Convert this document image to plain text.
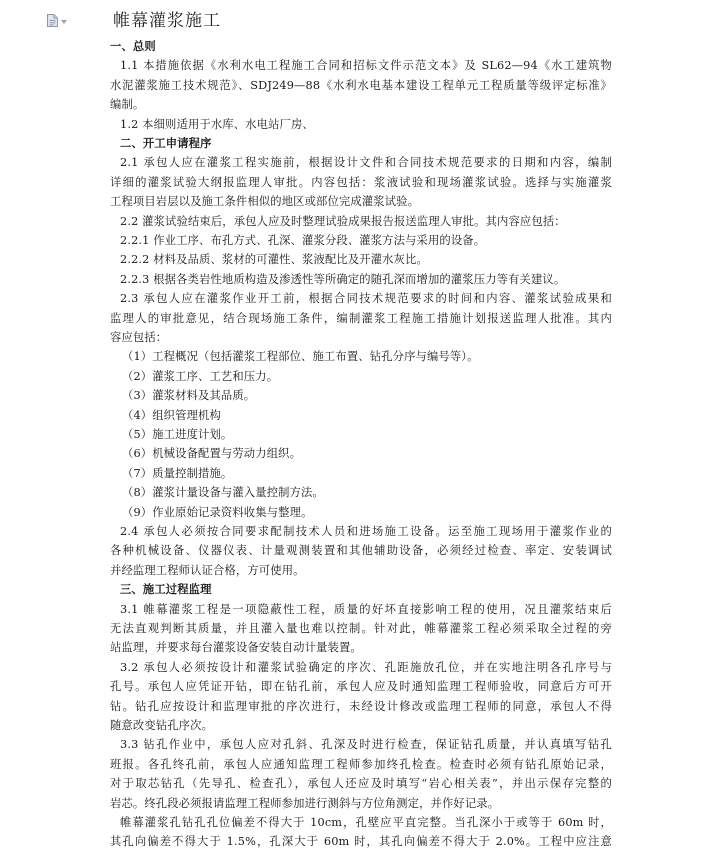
帷幕灌浆施工
一、总则
1.1 本措施依据《水利水电工程施工合同和招标文件示范文本》及 SL62—94《水工建筑物
水泥灌浆施工技术规范》、SDJ249—88《水利水电基本建设工程单元工程质量等级评定标准》
编制。
1.2 本细则适用于水库、水电站厂房、
二、开工申请程序
2.1 承包人应在灌浆工程实施前，根据设计文件和合同技术规范要求的日期和内容，编制
详细的灌浆试验大纲报监理人审批。内容包括：浆液试验和现场灌浆试验。选择与实施灌浆
工程项目岩层以及施工条件相似的地区或部位完成灌浆试验。
2.2 灌浆试验结束后，承包人应及时整理试验成果报告报送监理人审批。其内容应包括：
2.2.1 作业工序、布孔方式、孔深、灌浆分段、灌浆方法与采用的设备。
2.2.2 材料及品质、浆材的可灌性、浆液配比及开灌水灰比。
2.2.3 根据各类岩性地质构造及渗透性等所确定的随孔深而增加的灌浆压力等有关建议。
2.3 承包人应在灌浆作业开工前，根据合同技术规范要求的时间和内容、灌浆试验成果和
监理人的审批意见，结合现场施工条件，编制灌浆工程施工措施计划报送监理人批准。其内
容应包括：
（1）工程概况（包括灌浆工程部位、施工布置、钻孔分序与编号等）。
（2）灌浆工序、工艺和压力。
（3）灌浆材料及其品质。
（4）组织管理机构
（5）施工进度计划。
（6）机械设备配置与劳动力组织。
（7）质量控制措施。
（8）灌浆计量设备与灌入量控制方法。
（9）作业原始记录资料收集与整理。
2.4 承包人必须按合同要求配制技术人员和进场施工设备。运至施工现场用于灌浆作业的
各种机械设备、仪器仪表、计量观测装置和其他辅助设备，必须经过检查、率定、安装调试
并经监理工程师认证合格，方可使用。
三、施工过程监理
3.1 帷幕灌浆工程是一项隐蔽性工程，质量的好坏直接影响工程的使用，况且灌浆结束后
无法直观判断其质量，并且灌入量也难以控制。针对此，帷幕灌浆工程必须采取全过程的旁
站监理，并要求每台灌浆设备安装自动计量装置。
3.2 承包人必须按设计和灌浆试验确定的序次、孔距施放孔位，并在实地注明各孔序号与
孔号。承包人应凭证开钻，即在钻孔前，承包人应及时通知监理工程师验收，同意后方可开
钻。钻孔应按设计和监理审批的序次进行，未经设计修改或监理工程师的同意，承包人不得
随意改变钻孔序次。
3.3 钻孔作业中，承包人应对孔斜、孔深及时进行检查，保证钻孔质量，并认真填写钻孔
班报。各孔终孔前，承包人应通知监理工程师参加终孔检查。检查时必须有钻孔原始记录，
对于取芯钻孔（先导孔、检查孔），承包人还应及时填写“岩心相关表”，并出示保存完整的
岩芯。终孔段必须报请监理工程师参加进行测斜与方位角测定，并作好记录。
帷幕灌浆孔钻孔孔位偏差不得大于 10cm，孔壁应平直完整。当孔深小于或等于 60m 时，
其孔向偏差不得大于 1.5%，孔深大于 60m 时，其孔向偏差不得大于 2.0%。工程中应注意
